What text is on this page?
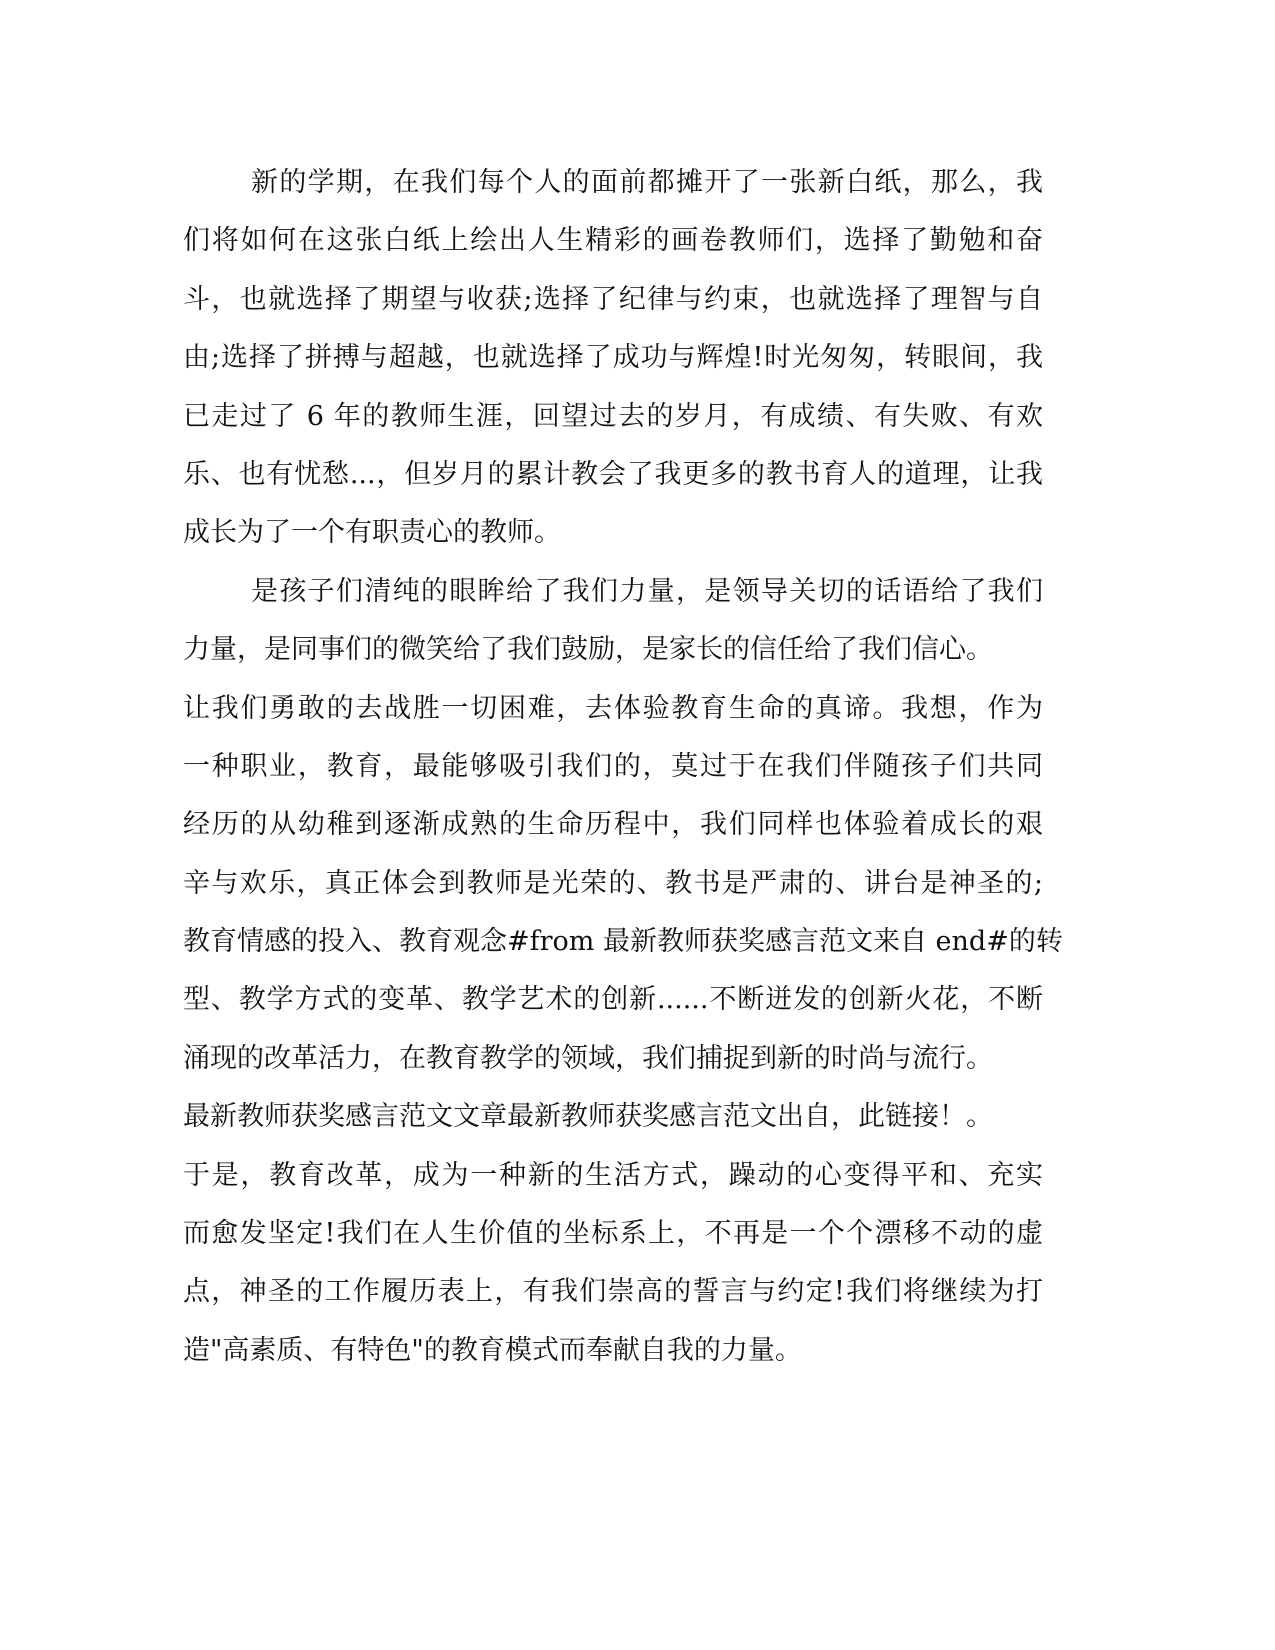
新的学期，在我们每个人的面前都摊开了一张新白纸，那么，我
们将如何在这张白纸上绘出人生精彩的画卷教师们，选择了勤勉和奋
斗，也就选择了期望与收获;选择了纪律与约束，也就选择了理智与自
由;选择了拼搏与超越，也就选择了成功与辉煌!时光匆匆，转眼间，我
已走过了 6 年的教师生涯，回望过去的岁月，有成绩、有失败、有欢
乐、也有忧愁...，但岁月的累计教会了我更多的教书育人的道理，让我
成长为了一个有职责心的教师。
是孩子们清纯的眼眸给了我们力量，是领导关切的话语给了我们
力量，是同事们的微笑给了我们鼓励，是家长的信任给了我们信心。
让我们勇敢的去战胜一切困难，去体验教育生命的真谛。我想，作为
一种职业，教育，最能够吸引我们的，莫过于在我们伴随孩子们共同
经历的从幼稚到逐渐成熟的生命历程中，我们同样也体验着成长的艰
辛与欢乐，真正体会到教师是光荣的、教书是严肃的、讲台是神圣的;
教育情感的投入、教育观念#from 最新教师获奖感言范文来自 end#的转
型、教学方式的变革、教学艺术的创新......不断迸发的创新火花，不断
涌现的改革活力，在教育教学的领域，我们捕捉到新的时尚与流行。
最新教师获奖感言范文文章最新教师获奖感言范文出自，此链接！。
于是，教育改革，成为一种新的生活方式，躁动的心变得平和、充实
而愈发坚定!我们在人生价值的坐标系上，不再是一个个漂移不动的虚
点，神圣的工作履历表上，有我们崇高的誓言与约定!我们将继续为打
造"高素质、有特色"的教育模式而奉献自我的力量。
